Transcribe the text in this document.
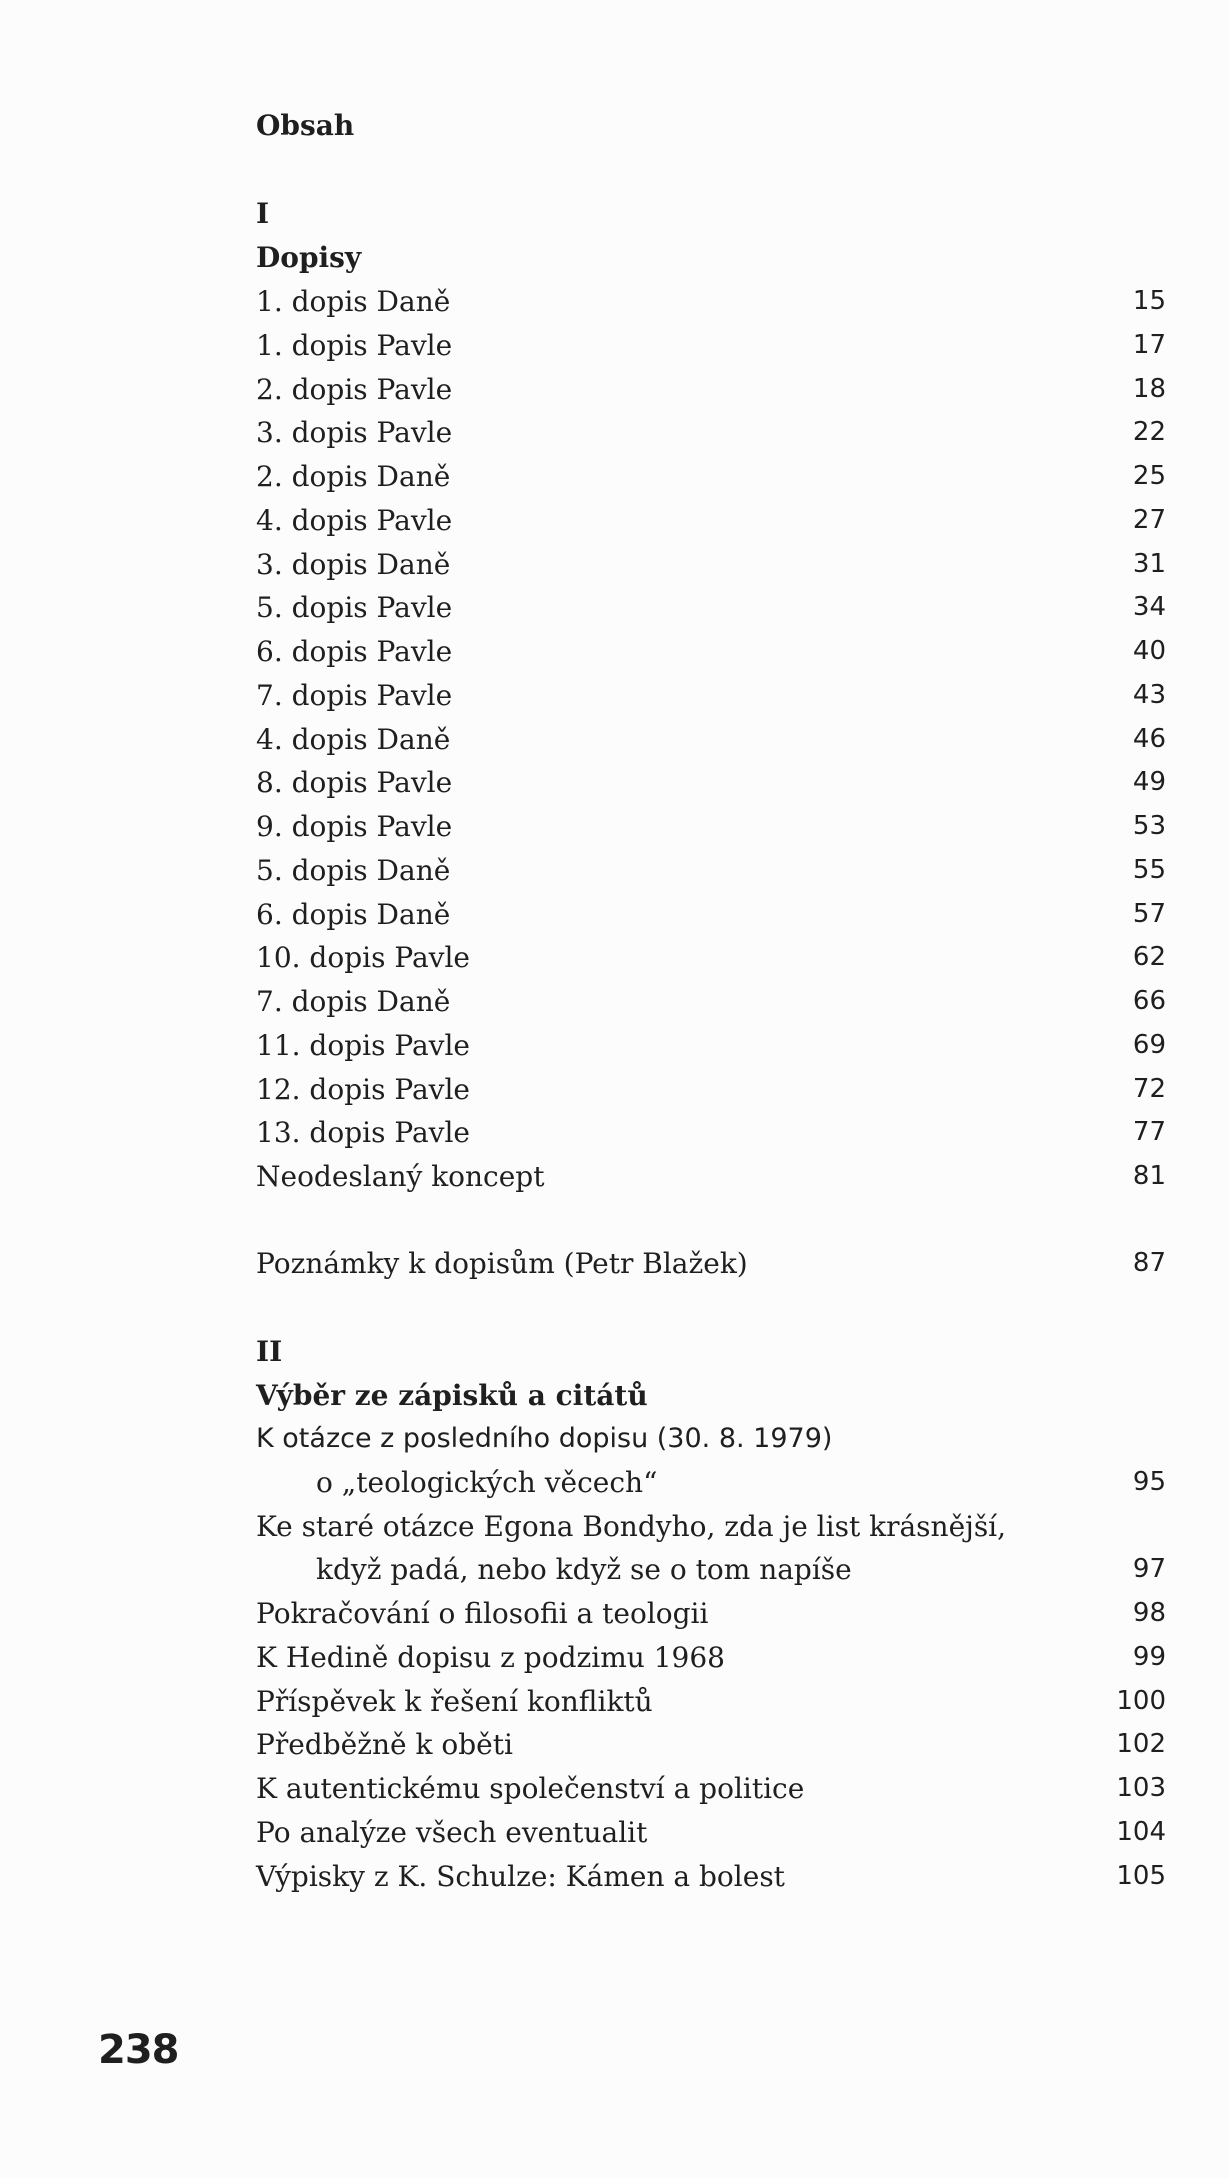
Obsah
I
Dopisy
1. dopis Daně	15
1. dopis Pavle	17
2. dopis Pavle	18
3. dopis Pavle	22
2. dopis Daně	25
4. dopis Pavle	27
3. dopis Daně	31
5. dopis Pavle	34
6. dopis Pavle	40
7. dopis Pavle	43
4. dopis Daně	46
8. dopis Pavle	49
9. dopis Pavle	53
5. dopis Daně	55
6. dopis Daně	57
10. dopis Pavle	62
7. dopis Daně	66
11. dopis Pavle	69
12. dopis Pavle	72
13. dopis Pavle	77
Neodeslaný koncept	81
Poznámky k dopisům (Petr Blažek)	87
II
Výběr ze zápisků a citátů
K otázce z posledního dopisu (30. 8. 1979)
o „teologických věcech“	95
Ke staré otázce Egona Bondyho, zda je list krásnější,
když padá, nebo když se o tom napíše	97
Pokračování o filosofii a teologii	98
K Hedině dopisu z podzimu 1968	99
Příspěvek k řešení konfliktů	100
Předběžně k oběti	102
K autentickému společenství a politice	103
Po analýze všech eventualit	104
Výpisky z K. Schulze: Kámen a bolest	105
238
